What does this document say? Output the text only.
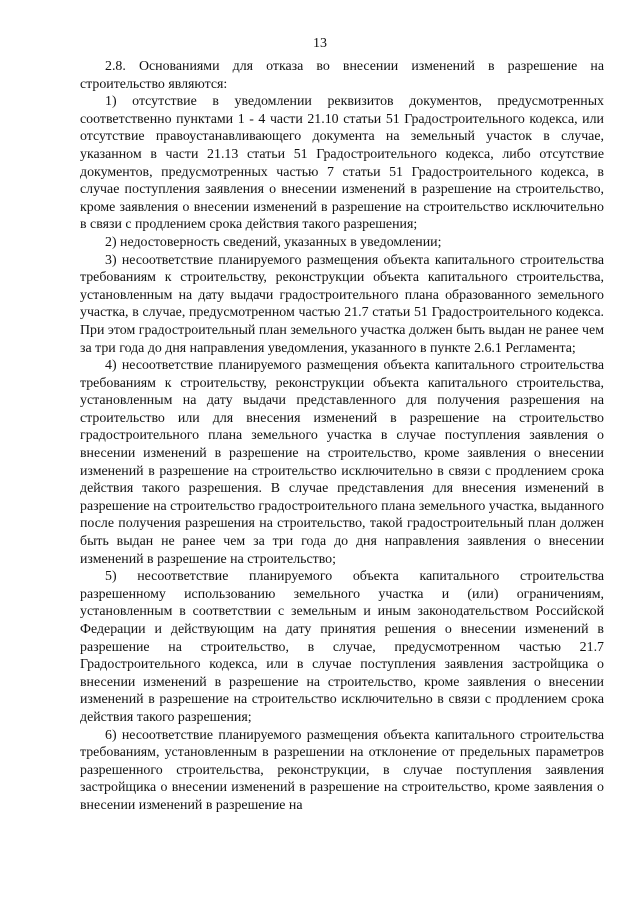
13

2.8. Основаниями для отказа во внесении изменений в разрешение на строительство являются:

1) отсутствие в уведомлении реквизитов документов, предусмотренных соответственно пунктами 1 - 4 части 21.10 статьи 51 Градостроительного кодекса, или отсутствие правоустанавливающего документа на земельный участок в случае, указанном в части 21.13 статьи 51 Градостроительного кодекса, либо отсутствие документов, предусмотренных частью 7 статьи 51 Градостроительного кодекса, в случае поступления заявления о внесении изменений в разрешение на строительство, кроме заявления о внесении изменений в разрешение на строительство исключительно в связи с продлением срока действия такого разрешения;

2) недостоверность сведений, указанных в уведомлении;

3) несоответствие планируемого размещения объекта капитального строительства требованиям к строительству, реконструкции объекта капитального строительства, установленным на дату выдачи градостроительного плана образованного земельного участка, в случае, предусмотренном частью 21.7 статьи 51 Градостроительного кодекса. При этом градостроительный план земельного участка должен быть выдан не ранее чем за три года до дня направления уведомления, указанного в пункте 2.6.1 Регламента;

4) несоответствие планируемого размещения объекта капитального строительства требованиям к строительству, реконструкции объекта капитального строительства, установленным на дату выдачи представленного для получения разрешения на строительство или для внесения изменений в разрешение на строительство градостроительного плана земельного участка в случае поступления заявления о внесении изменений в разрешение на строительство, кроме заявления о внесении изменений в разрешение на строительство исключительно в связи с продлением срока действия такого разрешения. В случае представления для внесения изменений в разрешение на строительство градостроительного плана земельного участка, выданного после получения разрешения на строительство, такой градостроительный план должен быть выдан не ранее чем за три года до дня направления заявления о внесении изменений в разрешение на строительство;

5) несоответствие планируемого объекта капитального строительства разрешенному использованию земельного участка и (или) ограничениям, установленным в соответствии с земельным и иным законодательством Российской Федерации и действующим на дату принятия решения о внесении изменений в разрешение на строительство, в случае, предусмотренном частью 21.7 Градостроительного кодекса, или в случае поступления заявления застройщика о внесении изменений в разрешение на строительство, кроме заявления о внесении изменений в разрешение на строительство исключительно в связи с продлением срока действия такого разрешения;

6) несоответствие планируемого размещения объекта капитального строительства требованиям, установленным в разрешении на отклонение от предельных параметров разрешенного строительства, реконструкции, в случае поступления заявления застройщика о внесении изменений в разрешение на строительство, кроме заявления о внесении изменений в разрешение на
